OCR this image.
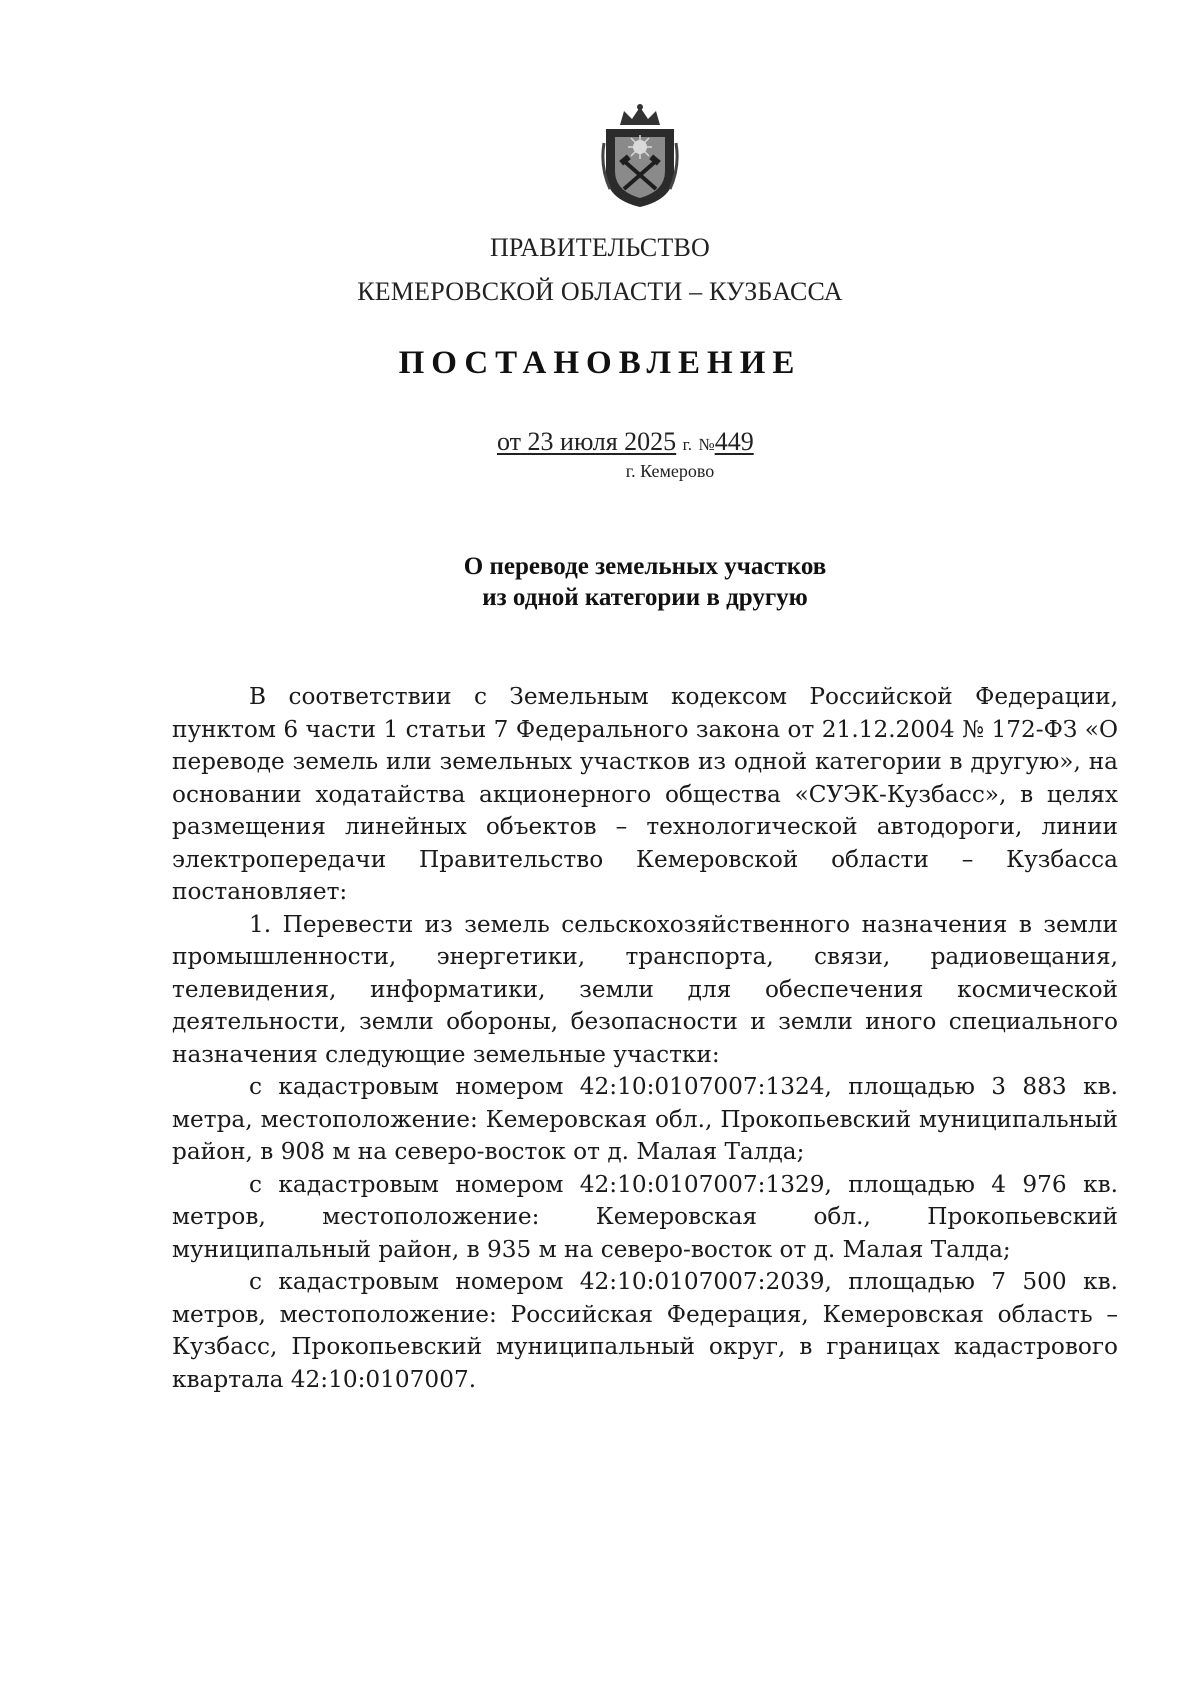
ПРАВИТЕЛЬСТВО
КЕМЕРОВСКОЙ ОБЛАСТИ – КУЗБАССА
ПОСТАНОВЛЕНИЕ
от 23 июля 2025 г. №449
г. Кемерово
О переводе земельных участков
из одной категории в другую

В соответствии с Земельным кодексом Российской Федерации, пунктом 6 части 1 статьи 7 Федерального закона от 21.12.2004 № 172-ФЗ «О переводе земель или земельных участков из одной категории в другую», на основании ходатайства акционерного общества «СУЭК-Кузбасс», в целях размещения линейных объектов – технологической автодороги, линии электропередачи Правительство Кемеровской области – Кузбасса постановляет:

1. Перевести из земель сельскохозяйственного назначения в земли промышленности, энергетики, транспорта, связи, радиовещания, телевидения, информатики, земли для обеспечения космической деятельности, земли обороны, безопасности и земли иного специального назначения следующие земельные участки:

с кадастровым номером 42:10:0107007:1324, площадью 3 883 кв. метра, местоположение: Кемеровская обл., Прокопьевский муниципальный район, в 908 м на северо-восток от д. Малая Талда;

с кадастровым номером 42:10:0107007:1329, площадью 4 976 кв. метров, местоположение: Кемеровская обл., Прокопьевский муниципальный район, в 935 м на северо-восток от д. Малая Талда;

с кадастровым номером 42:10:0107007:2039, площадью 7 500 кв. метров, местоположение: Российская Федерация, Кемеровская область – Кузбасс, Прокопьевский муниципальный округ, в границах кадастрового квартала 42:10:0107007.
